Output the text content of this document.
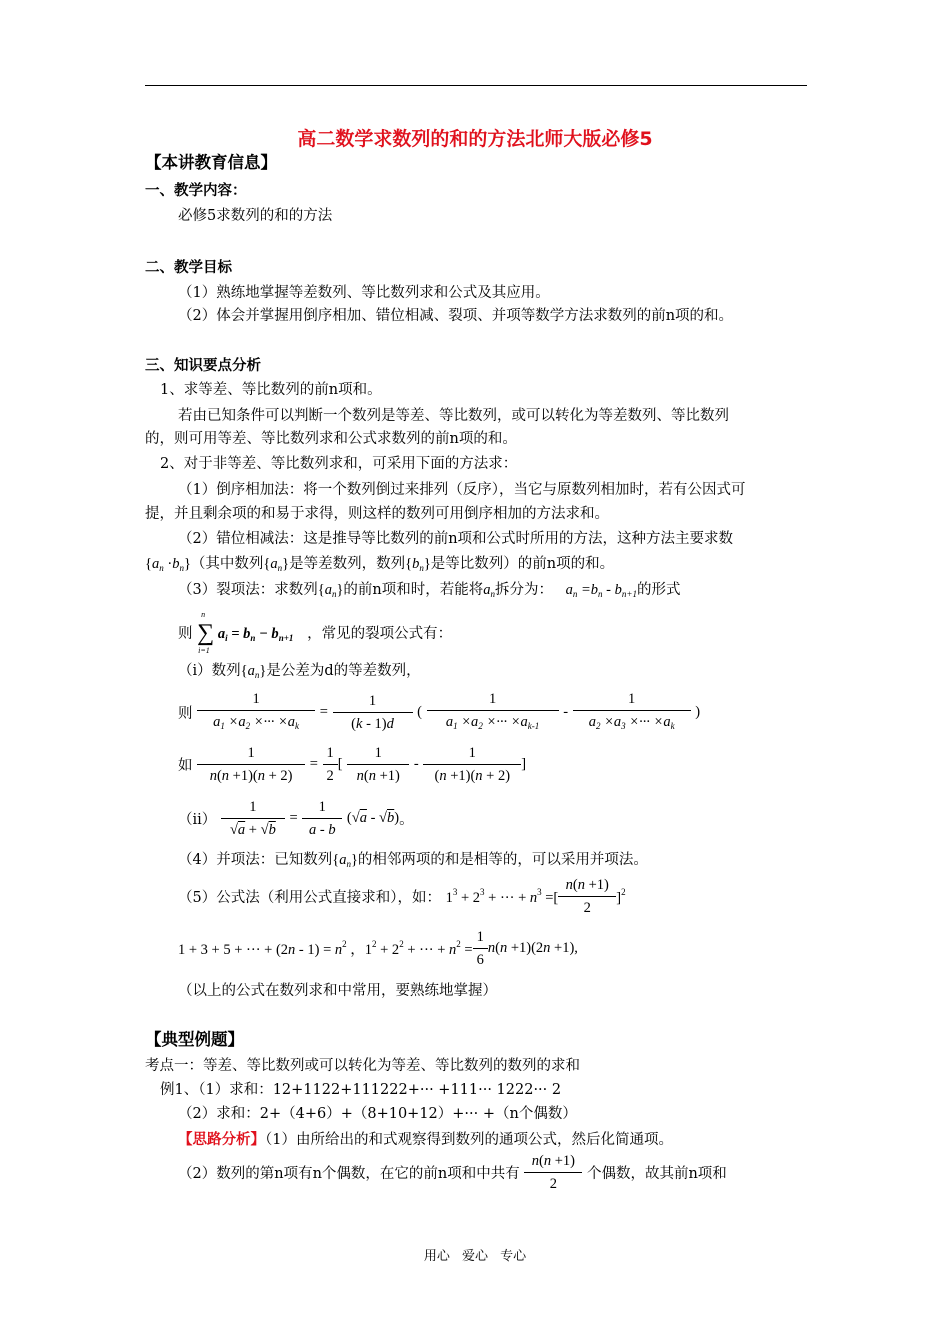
高二数学求数列的和的方法北师大版必修5
【本讲教育信息】
一、教学内容：
必修5求数列的和的方法
二、教学目标
（1）熟练地掌握等差数列、等比数列求和公式及其应用。
（2）体会并掌握用倒序相加、错位相减、裂项、并项等数学方法求数列的前n项的和。
三、知识要点分析
1、求等差、等比数列的前n项和。
若由已知条件可以判断一个数列是等差、等比数列，或可以转化为等差数列、等比数列
的，则可用等差、等比数列求和公式求数列的前n项的和。
2、对于非等差、等比数列求和，可采用下面的方法求：
（1）倒序相加法：将一个数列倒过来排列（反序），当它与原数列相加时，若有公因式可
提，并且剩余项的和易于求得，则这样的数列可用倒序相加的方法求和。
（2）错位相减法：这是推导等比数列的前n项和公式时所用的方法，这种方法主要求数
$\{a_n \cdot b_n\}$（其中数列$\{a_n\}$是等差数列，数列$\{b_n\}$是等比数列）的前n项的和。
（3）裂项法：求数列$\{a_n\}$的前n项和时，若能将$a_n$拆分为： $a_n =b_n - b_{n+1}$的形式
则
n
∑
i=1
$a_i = b_n - b_{n+1}$ ，常见的裂项公式有：
（i）数列$\{a_n\}$是公差为d的等差数列，
则 $\frac{1}{a_1 \times a_2 \times\cdot\cdot\cdot \times a_k} = \frac{1}{(k - 1)d}$ ( $\frac{1}{a_1 \times a_2 \times\cdot\cdot\cdot \times a_{k-1}} - \frac{1}{a_2 \times a_3 \times\cdot\cdot\cdot \times a_k}$ )
如 $\frac{1}{n(n +1)(n + 2)} = \frac{1}{2}$ [ $\frac{1}{n(n +1)} - \frac{1}{(n +1)(n + 2)}$ ]
$(ii) \frac{1}{√a + √b} = \frac{1}{a - b} (√a - √b)$。
（4）并项法：已知数列$\{a_n\}$的相邻两项的和是相等的，可以采用并项法。
（5）公式法（利用公式直接求和），如： $1^3 + 2^3$ + ··· + $n^3$ =[ $\frac{n(n +1)}{2} ]^2$
1 + 3 + 5 + ··· + $(2n - 1) = n^2$ ，$1^2 + 2^2$ + ··· + $n^2 = \frac{1}{6} n(n +1)(2n +1)$,
（以上的公式在数列求和中常用，要熟练地掌握）
【典型例题】
考点一：等差、等比数列或可以转化为等差、等比数列的数列的求和
例1、（1）求和：12+1122+111222+··· +111··· 1222··· 2
（2）求和：2+（4+6）+（8+10+12）+··· +（n个偶数）
【思路分析】（1）由所给出的和式观察得到数列的通项公式，然后化简通项。
（2）数列的第n项有n个偶数，在它的前n项和中共有 $\frac{n(n +1)}{2}$ 个偶数，故其前n项和
用心 爱心 专心
